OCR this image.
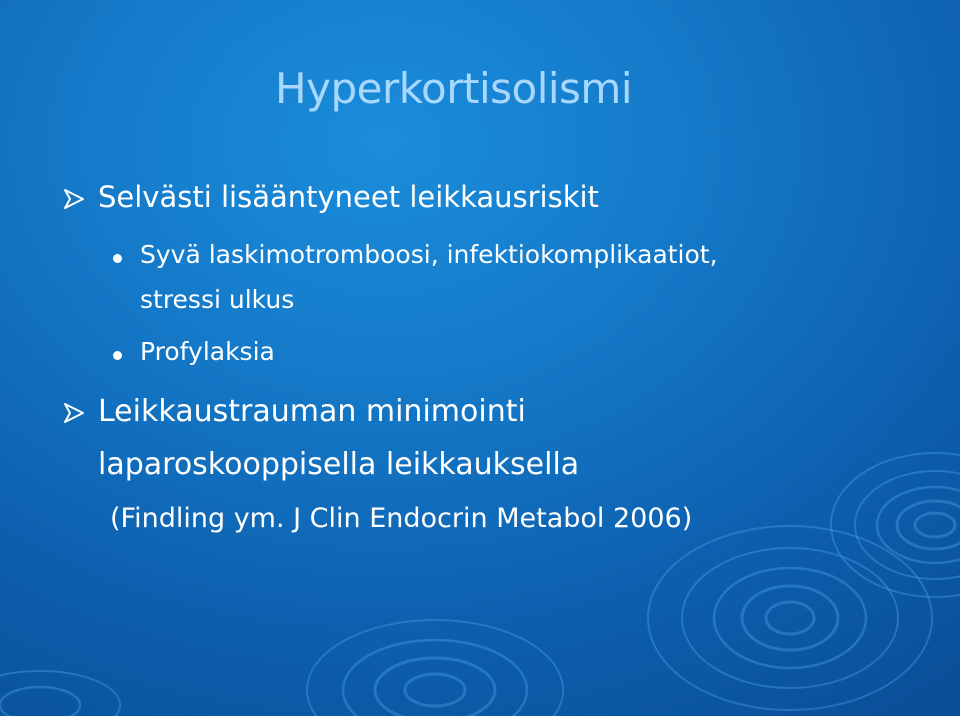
Hyperkortisolismi
Selvästi lisääntyneet leikkausriskit
Syvä laskimotromboosi, infektiokomplikaatiot,
stressi ulkus
Profylaksia
Leikkaustrauman minimointi
laparoskooppisella leikkauksella
(Findling ym. J Clin Endocrin Metabol 2006)
